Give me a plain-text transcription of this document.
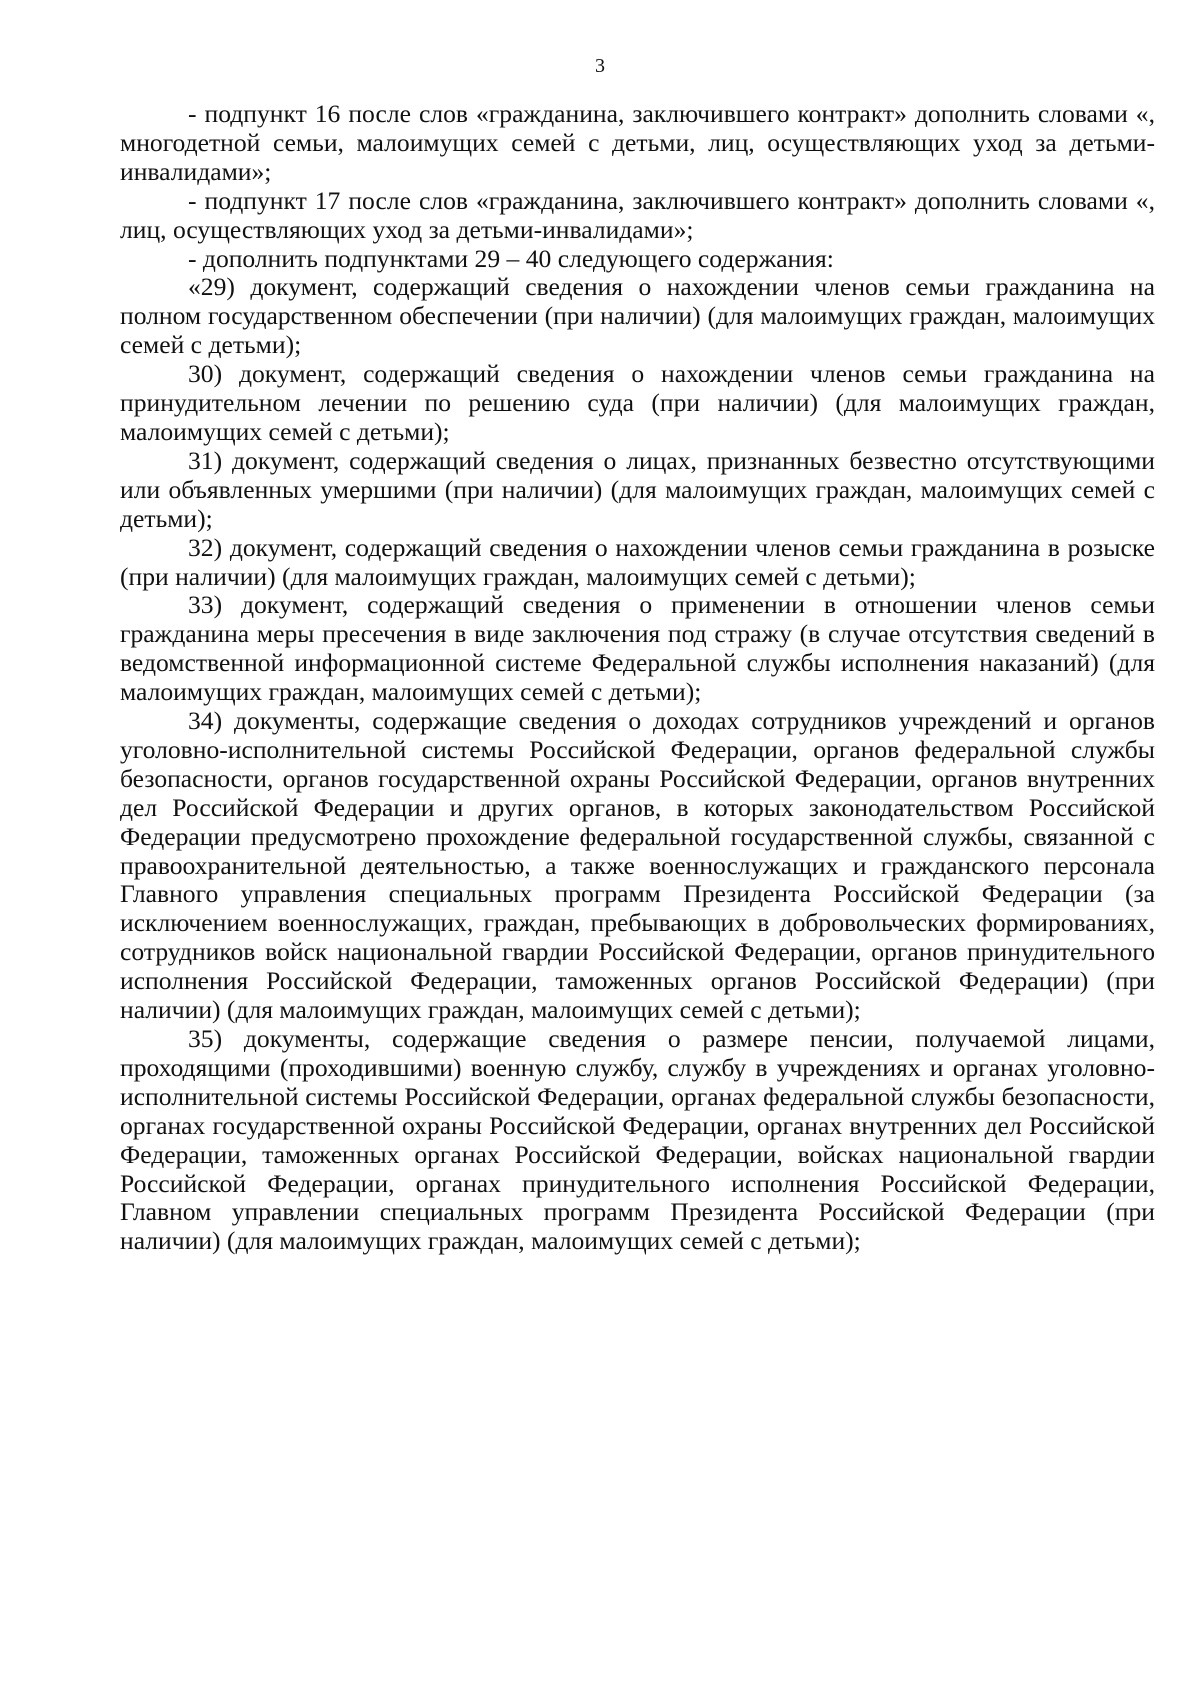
3

- подпункт 16 после слов «гражданина, заключившего контракт» дополнить словами «, многодетной семьи, малоимущих семей с детьми, лиц, осуществляющих уход за детьми-инвалидами»;

- подпункт 17 после слов «гражданина, заключившего контракт» дополнить словами «, лиц, осуществляющих уход за детьми-инвалидами»;

- дополнить подпунктами 29 – 40 следующего содержания:

«29) документ, содержащий сведения о нахождении членов семьи гражданина на полном государственном обеспечении (при наличии) (для малоимущих граждан, малоимущих семей с детьми);

30) документ, содержащий сведения о нахождении членов семьи гражданина на принудительном лечении по решению суда (при наличии) (для малоимущих граждан, малоимущих семей с детьми);

31) документ, содержащий сведения о лицах, признанных безвестно отсутствующими или объявленных умершими (при наличии) (для малоимущих граждан, малоимущих семей с детьми);

32) документ, содержащий сведения о нахождении членов семьи гражданина в розыске (при наличии) (для малоимущих граждан, малоимущих семей с детьми);

33) документ, содержащий сведения о применении в отношении членов семьи гражданина меры пресечения в виде заключения под стражу (в случае отсутствия сведений в ведомственной информационной системе Федеральной службы исполнения наказаний) (для малоимущих граждан, малоимущих семей с детьми);

34) документы, содержащие сведения о доходах сотрудников учреждений и органов уголовно-исполнительной системы Российской Федерации, органов федеральной службы безопасности, органов государственной охраны Российской Федерации, органов внутренних дел Российской Федерации и других органов, в которых законодательством Российской Федерации предусмотрено прохождение федеральной государственной службы, связанной с правоохранительной деятельностью, а также военнослужащих и гражданского персонала Главного управления специальных программ Президента Российской Федерации (за исключением военнослужащих, граждан, пребывающих в добровольческих формированиях, сотрудников войск национальной гвардии Российской Федерации, органов принудительного исполнения Российской Федерации, таможенных органов Российской Федерации) (при наличии) (для малоимущих граждан, малоимущих семей с детьми);

35) документы, содержащие сведения о размере пенсии, получаемой лицами, проходящими (проходившими) военную службу, службу в учреждениях и органах уголовно-исполнительной системы Российской Федерации, органах федеральной службы безопасности, органах государственной охраны Российской Федерации, органах внутренних дел Российской Федерации, таможенных органах Российской Федерации, войсках национальной гвардии Российской Федерации, органах принудительного исполнения Российской Федерации, Главном управлении специальных программ Президента Российской Федерации (при наличии) (для малоимущих граждан, малоимущих семей с детьми);
